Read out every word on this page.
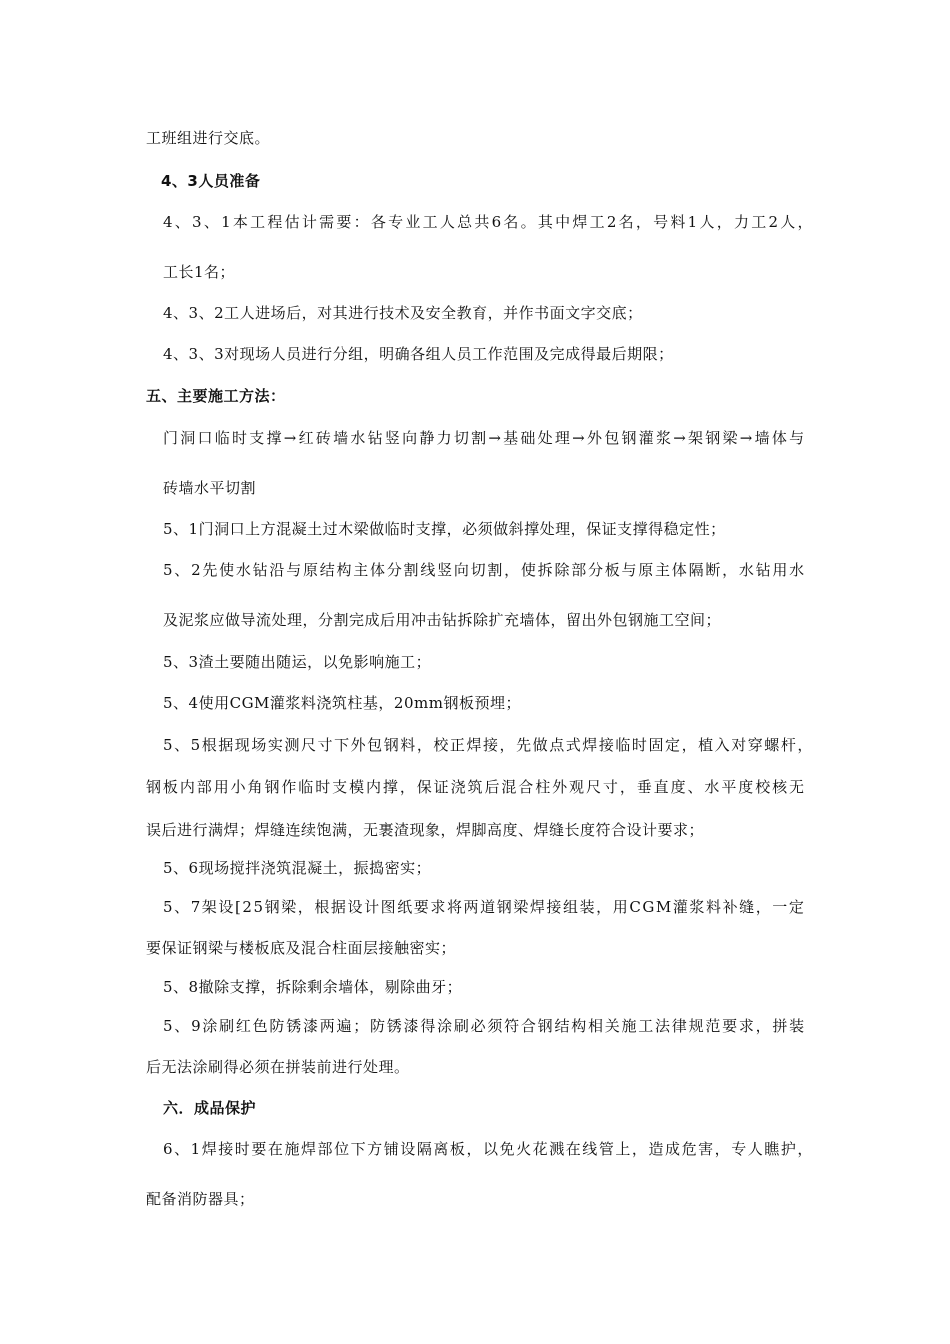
工班组进行交底。
4、3人员准备
4 、 3 、 1 本 工 程 估 计 需 要 ： 各 专 业 工 人 总 共 6 名 。 其 中 焊 工 2 名 ， 号 料 1 人 ， 力 工 2 人 ，
工长1名；
4、3、2工人进场后，对其进行技术及安全教育，并作书面文字交底；
4、3、3对现场人员进行分组，明确各组人员工作范围及完成得最后期限；
五、主要施工方法：
门 洞 口 临 时 支 撑 → 红 砖 墙 水 钻 竖 向 静 力 切 割 → 基 础 处 理 → 外 包 钢 灌 浆 → 架 钢 梁 → 墙 体 与
砖墙水平切割
5、1门洞口上方混凝土过木梁做临时支撑，必须做斜撑处理，保证支撑得稳定性；
5 、 2 先 使 水 钻 沿 与 原 结 构 主 体 分 割 线 竖 向 切 割 ， 使 拆 除 部 分 板 与 原 主 体 隔 断 ， 水 钻 用 水
及泥浆应做导流处理，分割完成后用冲击钻拆除扩充墙体，留出外包钢施工空间；
5、3渣土要随出随运，以免影响施工；
5、4使用CGM灌浆料浇筑柱基，20mm钢板预埋；
5 、 5 根 据 现 场 实 测 尺 寸 下 外 包 钢 料 ， 校 正 焊 接 ， 先 做 点 式 焊 接 临 时 固 定 ， 植 入 对 穿 螺 杆 ，
钢 板 内 部 用 小 角 钢 作 临 时 支 模 内 撑 ， 保 证 浇 筑 后 混 合 柱 外 观 尺 寸 ， 垂 直 度 、 水 平 度 校 核 无
误后进行满焊；焊缝连续饱满，无裹渣现象，焊脚高度、焊缝长度符合设计要求；
5、6现场搅拌浇筑混凝土，振捣密实；
5 、 7 架 设 [ 2 5 钢 梁 ， 根 据 设 计 图 纸 要 求 将 两 道 钢 梁 焊 接 组 装 ， 用 C G M 灌 浆 料 补 缝 ， 一 定
要保证钢梁与楼板底及混合柱面层接触密实；
5、8撤除支撑，拆除剩余墙体，剔除曲牙；
5 、 9 涂 刷 红 色 防 锈 漆 两 遍 ； 防 锈 漆 得 涂 刷 必 须 符 合 钢 结 构 相 关 施 工 法 律 规 范 要 求 ， 拼 装
后无法涂刷得必须在拼装前进行处理。
六．成品保护
6 、 1 焊 接 时 要 在 施 焊 部 位 下 方 铺 设 隔 离 板 ， 以 免 火 花 溅 在 线 管 上 ， 造 成 危 害 ， 专 人 瞧 护 ，
配备消防器具；
